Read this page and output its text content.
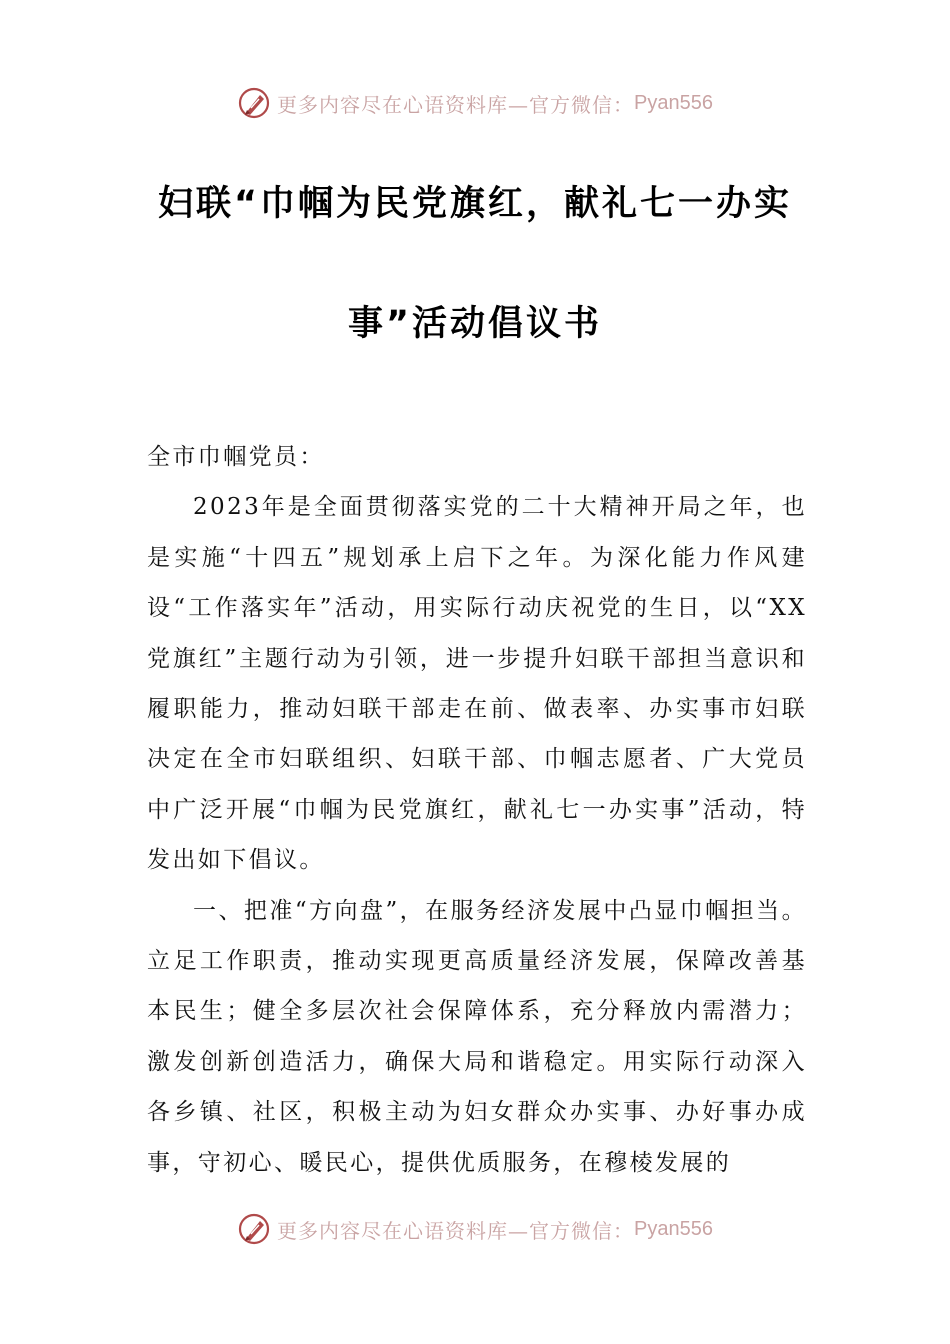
更多内容尽在心语资料库—官方微信： Pyan556
妇联“巾帼为民党旗红，献礼七一办实
事”活动倡议书

全市巾帼党员：

2023年是全面贯彻落实党的二十大精神开局之年，也是实施“十四五”规划承上启下之年。为深化能力作风建设“工作落实年”活动，用实际行动庆祝党的生日，以“XX党旗红”主题行动为引领，进一步提升妇联干部担当意识和履职能力，推动妇联干部走在前、做表率、办实事市妇联决定在全市妇联组织、妇联干部、巾帼志愿者、广大党员中广泛开展“巾帼为民党旗红，献礼七一办实事”活动，特发出如下倡议。

一、把准“方向盘”，在服务经济发展中凸显巾帼担当。立足工作职责，推动实现更高质量经济发展，保障改善基本民生；健全多层次社会保障体系，充分释放内需潜力；激发创新创造活力，确保大局和谐稳定。用实际行动深入各乡镇、社区，积极主动为妇女群众办实事、办好事办成事，守初心、暖民心，提供优质服务，在穆棱发展的

更多内容尽在心语资料库—官方微信： Pyan556
